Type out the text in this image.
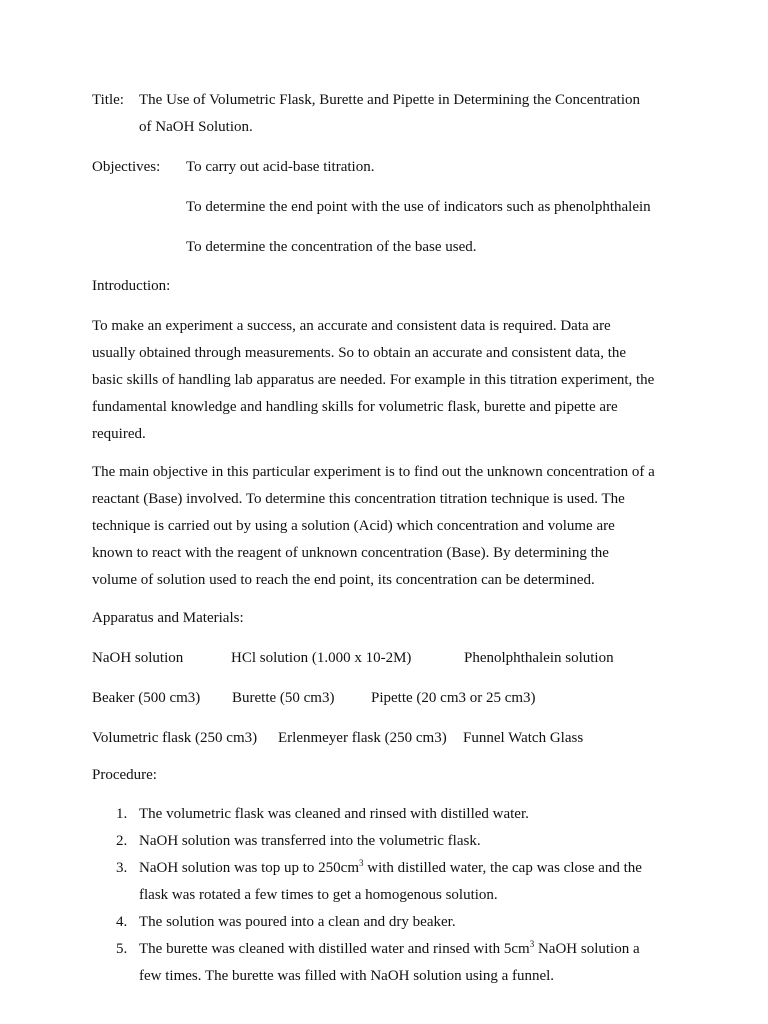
Title: The Use of Volumetric Flask, Burette and Pipette in Determining the Concentration
of NaOH Solution.
Objectives: To carry out acid-base titration.
To determine the end point with the use of indicators such as phenolphthalein
To determine the concentration of the base used.
Introduction:
To make an experiment a success, an accurate and consistent data is required. Data are
usually obtained through measurements. So to obtain an accurate and consistent data, the
basic skills of handling lab apparatus are needed. For example in this titration experiment, the
fundamental knowledge and handling skills for volumetric flask, burette and pipette are
required.
The main objective in this particular experiment is to find out the unknown concentration of a
reactant (Base) involved. To determine this concentration titration technique is used. The
technique is carried out by using a solution (Acid) which concentration and volume are
known to react with the reagent of unknown concentration (Base). By determining the
volume of solution used to reach the end point, its concentration can be determined.
Apparatus and Materials:
NaOH solution	HCl solution (1.000 x 10-2M)	Phenolphthalein solution
Beaker (500 cm3) Burette (50 cm3) Pipette (20 cm3 or 25 cm3)
Volumetric flask (250 cm3) Erlenmeyer flask (250 cm3) Funnel Watch Glass
Procedure:
1. The volumetric flask was cleaned and rinsed with distilled water.
2. NaOH solution was transferred into the volumetric flask.
3. NaOH solution was top up to $250cm^3$ with distilled water, the cap was close and the
flask was rotated a few times to get a homogenous solution.
4. The solution was poured into a clean and dry beaker.
5. The burette was cleaned with distilled water and rinsed with $5cm^3$ NaOH solution a
few times. The burette was filled with NaOH solution using a funnel.
